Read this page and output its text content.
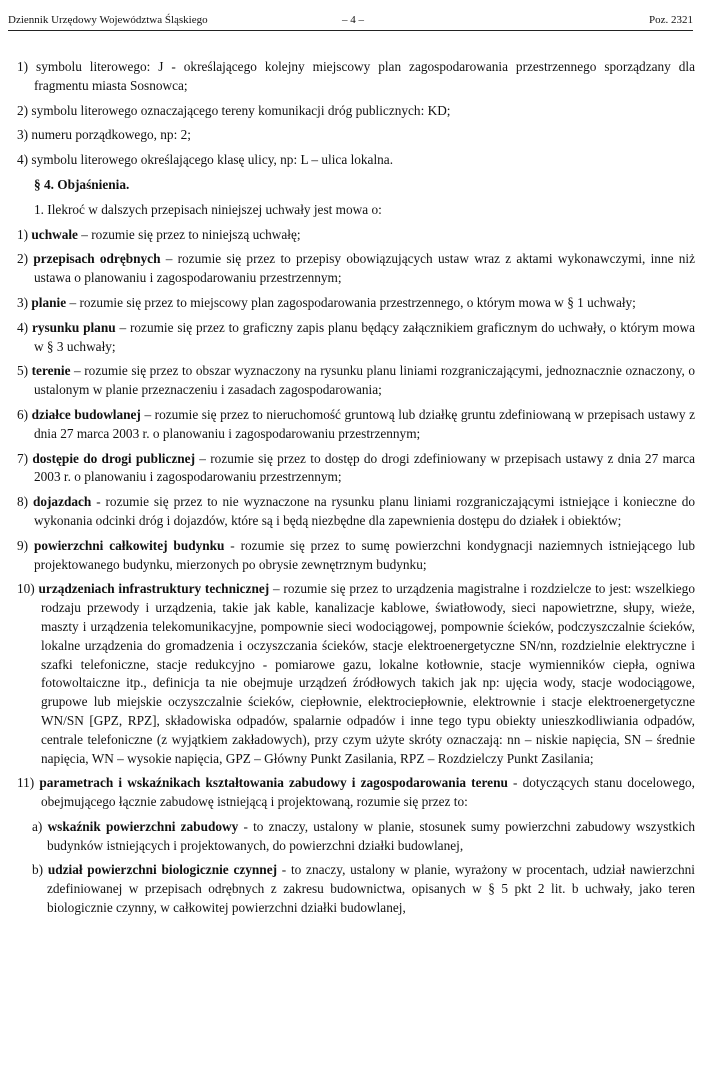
Dziennik Urzędowy Województwa Śląskiego	– 4 –	Poz. 2321

1) symbolu literowego: J - określającego kolejny miejscowy plan zagospodarowania przestrzennego sporządzany dla fragmentu miasta Sosnowca;

2) symbolu literowego oznaczającego tereny komunikacji dróg publicznych: KD;

3) numeru porządkowego, np: 2;

4) symbolu literowego określającego klasę ulicy, np: L – ulica lokalna.

§ 4. Objaśnienia.

1. Ilekroć w dalszych przepisach niniejszej uchwały jest mowa o:

1) uchwale – rozumie się przez to niniejszą uchwałę;

2) przepisach odrębnych – rozumie się przez to przepisy obowiązujących ustaw wraz z aktami wykonawczymi, inne niż ustawa o planowaniu i zagospodarowaniu przestrzennym;

3) planie – rozumie się przez to miejscowy plan zagospodarowania przestrzennego, o którym mowa w § 1 uchwały;

4) rysunku planu – rozumie się przez to graficzny zapis planu będący załącznikiem graficznym do uchwały, o którym mowa w § 3 uchwały;

5) terenie – rozumie się przez to obszar wyznaczony na rysunku planu liniami rozgraniczającymi, jednoznacznie oznaczony, o ustalonym w planie przeznaczeniu i zasadach zagospodarowania;

6) działce budowlanej – rozumie się przez to nieruchomość gruntową lub działkę gruntu zdefiniowaną w przepisach ustawy z dnia 27 marca 2003 r. o planowaniu i zagospodarowaniu przestrzennym;

7) dostępie do drogi publicznej – rozumie się przez to dostęp do drogi zdefiniowany w przepisach ustawy z dnia 27 marca 2003 r. o planowaniu i zagospodarowaniu przestrzennym;

8) dojazdach - rozumie się przez to nie wyznaczone na rysunku planu liniami rozgraniczającymi istniejące i konieczne do wykonania odcinki dróg i dojazdów, które są i będą niezbędne dla zapewnienia dostępu do działek i obiektów;

9) powierzchni całkowitej budynku - rozumie się przez to sumę powierzchni kondygnacji naziemnych istniejącego lub projektowanego budynku, mierzonych po obrysie zewnętrznym budynku;

10) urządzeniach infrastruktury technicznej – rozumie się przez to urządzenia magistralne i rozdzielcze to jest: wszelkiego rodzaju przewody i urządzenia, takie jak kable, kanalizacje kablowe, światłowody, sieci napowietrzne, słupy, wieże, maszty i urządzenia telekomunikacyjne, pompownie sieci wodociągowej, pompownie ścieków, podczyszczalnie ścieków, lokalne urządzenia do gromadzenia i oczyszczania ścieków, stacje elektroenergetyczne SN/nn, rozdzielnie elektryczne i szafki telefoniczne, stacje redukcyjno - pomiarowe gazu, lokalne kotłownie, stacje wymienników ciepła, ogniwa fotowoltaiczne itp., definicja ta nie obejmuje urządzeń źródłowych takich jak np: ujęcia wody, stacje wodociągowe, grupowe lub miejskie oczyszczalnie ścieków, ciepłownie, elektrociepłownie, elektrownie i stacje elektroenergetyczne WN/SN [GPZ, RPZ], składowiska odpadów, spalarnie odpadów i inne tego typu obiekty unieszkodliwiania odpadów, centrale telefoniczne (z wyjątkiem zakładowych), przy czym użyte skróty oznaczają: nn – niskie napięcia, SN – średnie napięcia, WN – wysokie napięcia, GPZ – Główny Punkt Zasilania, RPZ – Rozdzielczy Punkt Zasilania;

11) parametrach i wskaźnikach kształtowania zabudowy i zagospodarowania terenu - dotyczących stanu docelowego, obejmującego łącznie zabudowę istniejącą i projektowaną, rozumie się przez to:

a) wskaźnik powierzchni zabudowy - to znaczy, ustalony w planie, stosunek sumy powierzchni zabudowy wszystkich budynków istniejących i projektowanych, do powierzchni działki budowlanej,

b) udział powierzchni biologicznie czynnej - to znaczy, ustalony w planie, wyrażony w procentach, udział nawierzchni zdefiniowanej w przepisach odrębnych z zakresu budownictwa, opisanych w § 5 pkt 2 lit. b uchwały, jako teren biologicznie czynny, w całkowitej powierzchni działki budowlanej,
